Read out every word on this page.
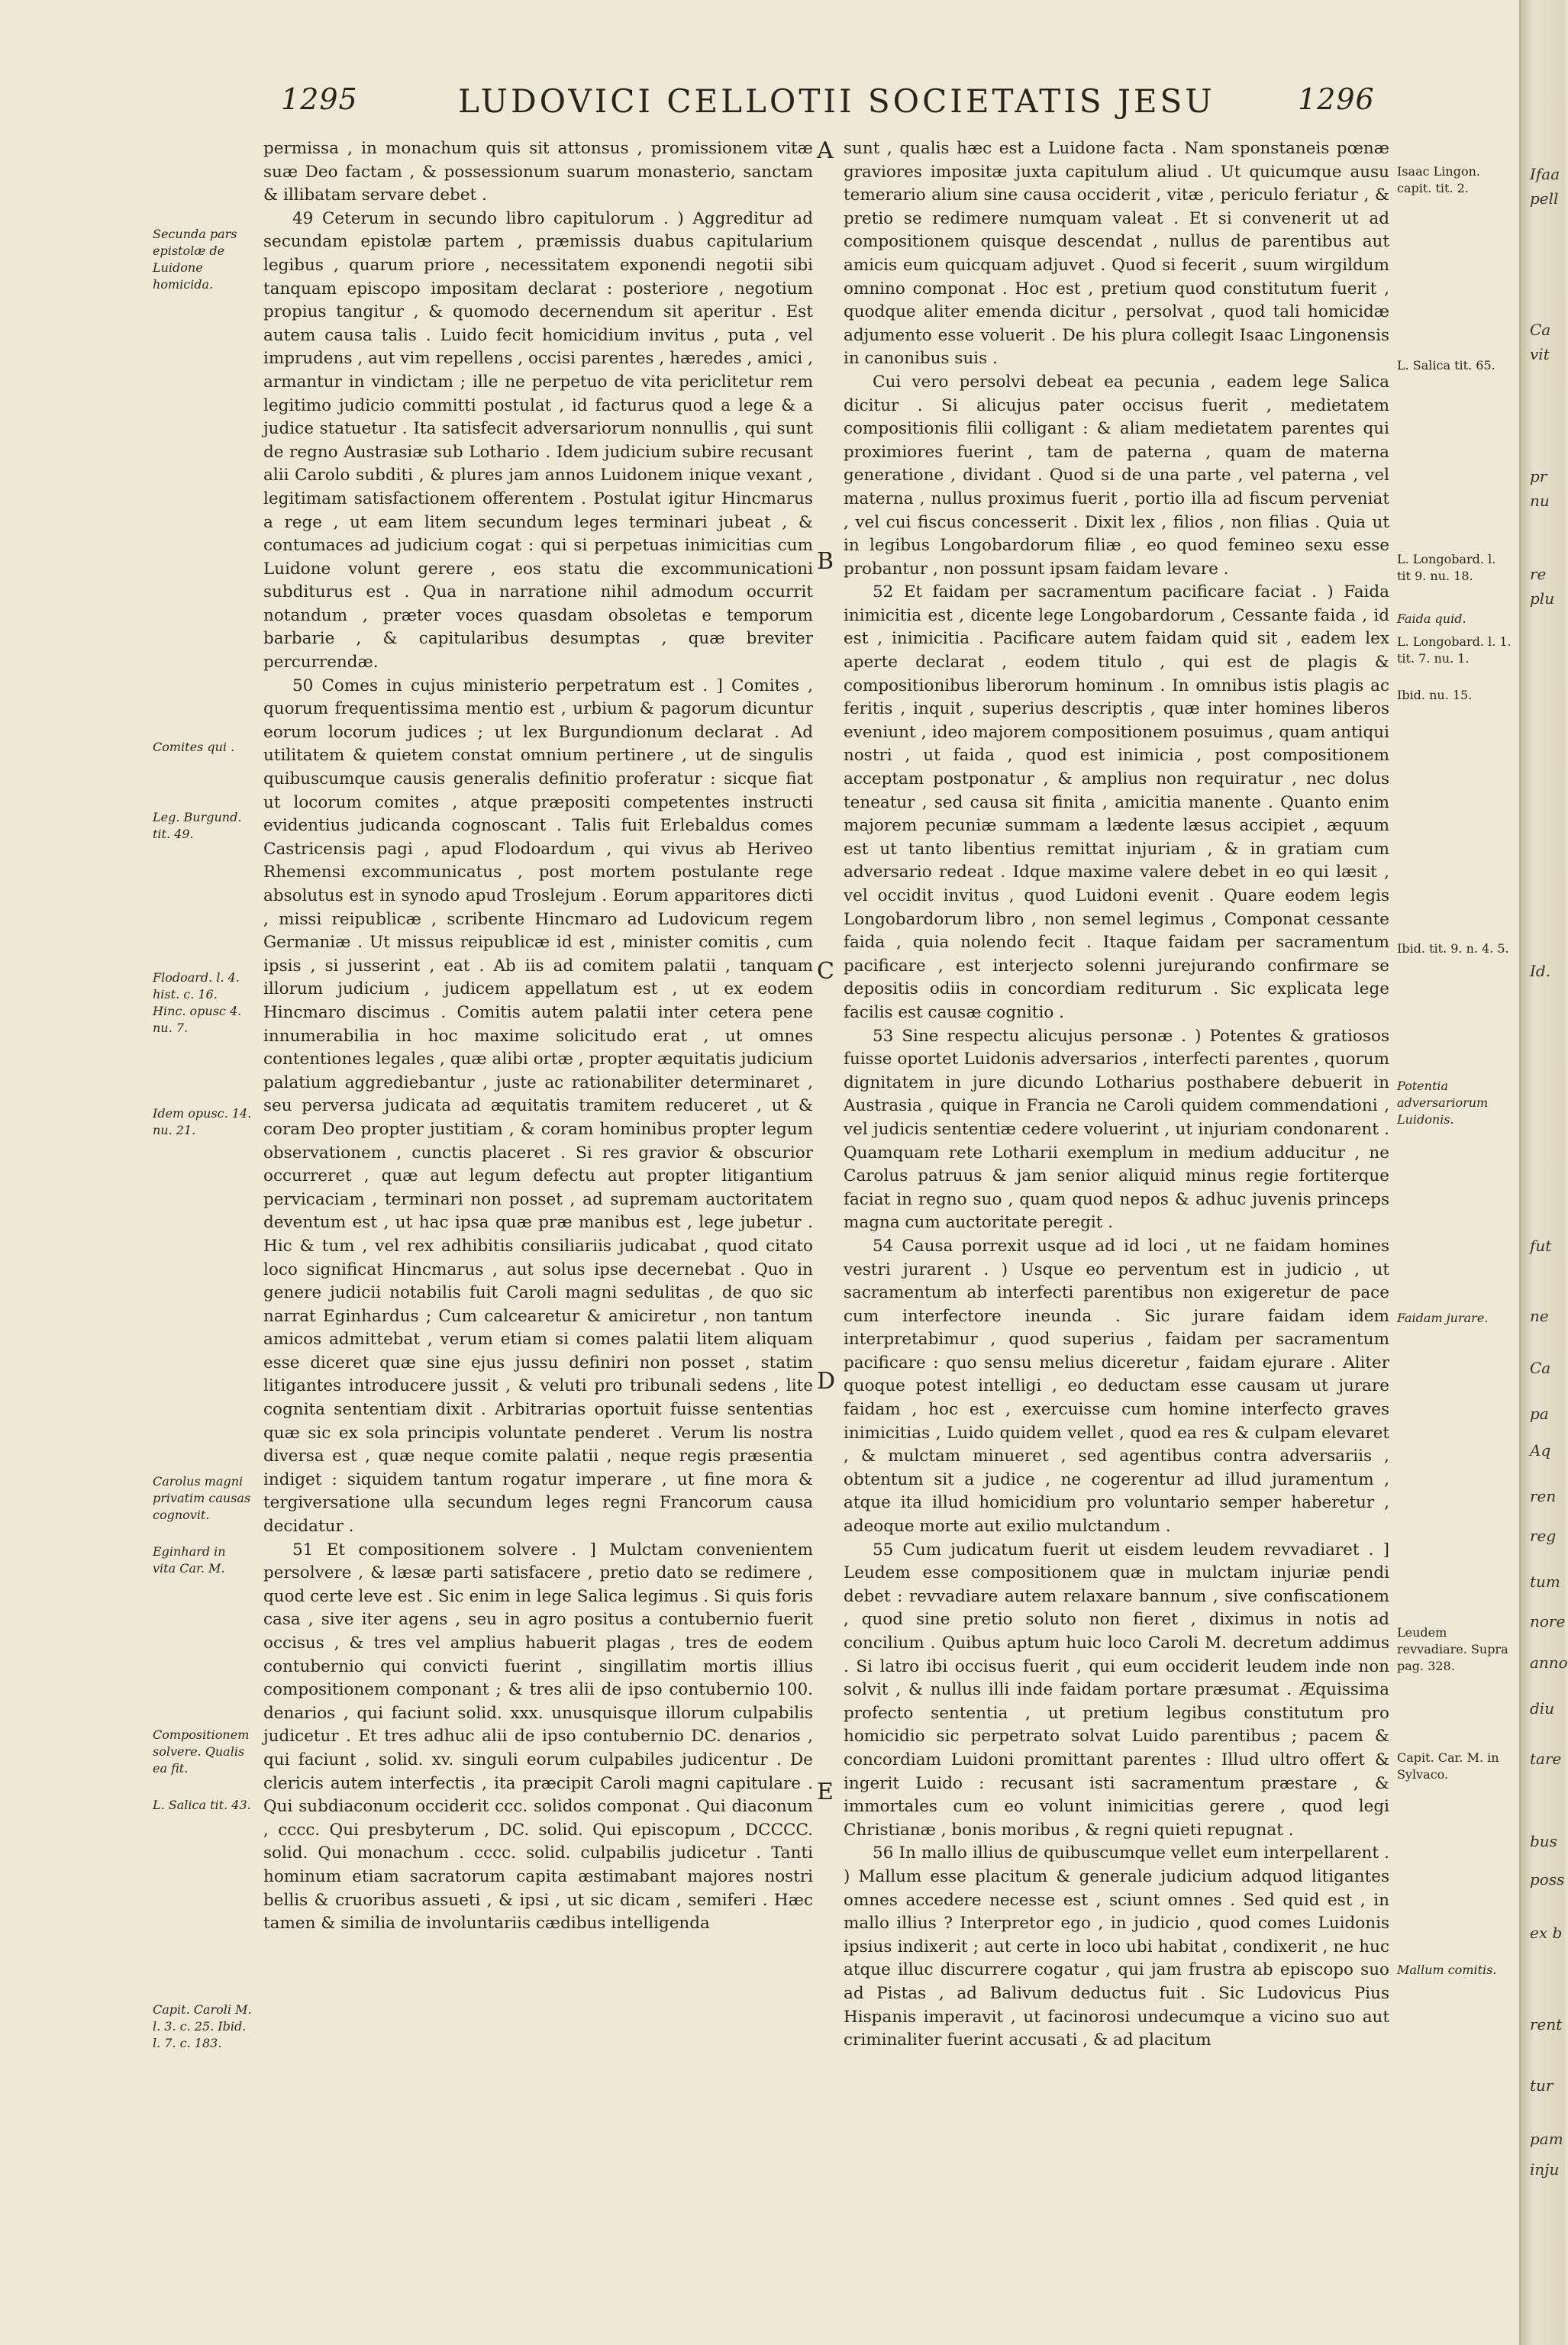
1295	LUDOVICI CELLOTII SOCIETATIS JESU	1296
A
B
C
D
E
Secunda pars epistolæ de Luidone homicida.
Comites qui .
Leg. Burgund. tit. 49.
Flodoard. l. 4. hist. c. 16. Hinc. opusc 4. nu. 7.
Idem opusc. 14. nu. 21.
Carolus magni privatim causas cognovit.
Eginhard in vita Car. M.
Compositionem solvere. Qualis ea fit.
L. Salica tit. 43.
Capit. Caroli M. l. 3. c. 25. Ibid. l. 7. c. 183.
Isaac Lingon. capit. tit. 2.
L. Salica tit. 65.
L. Longobard. l. tit 9. nu. 18.
Faida quid.
L. Longobard. l. 1. tit. 7. nu. 1.
Ibid. nu. 15.
Ibid. tit. 9. n. 4. 5.
Potentia adversariorum Luidonis.
Faidam jurare.
Leudem revvadiare. Supra pag. 328.
Capit. Car. M. in Sylvaco.
Mallum comitis.

permissa , in monachum quis sit attonsus , promissionem vitæ suæ Deo factam , & possessionum suarum monasterio, sanctam & illibatam servare debet .

49 Ceterum in secundo libro capitulorum . ) Aggreditur ad secundam epistolæ partem , præmissis duabus capitularium legibus , quarum priore , necessitatem exponendi negotii sibi tanquam episcopo impositam declarat : posteriore , negotium propius tangitur , & quomodo decernendum sit aperitur . Est autem causa talis . Luido fecit homicidium invitus , puta , vel imprudens , aut vim repellens , occisi parentes , hæredes , amici , armantur in vindictam ; ille ne perpetuo de vita periclitetur rem legitimo judicio committi postulat , id facturus quod a lege & a judice statuetur . Ita satisfecit adversariorum nonnullis , qui sunt de regno Austrasiæ sub Lothario . Idem judicium subire recusant alii Carolo subditi , & plures jam annos Luidonem inique vexant , legitimam satisfactionem offerentem . Postulat igitur Hincmarus a rege , ut eam litem secundum leges terminari jubeat , & contumaces ad judicium cogat : qui si perpetuas inimicitias cum Luidone volunt gerere , eos statu die excommunicationi subditurus est . Qua in narratione nihil admodum occurrit notandum , præter voces quasdam obsoletas e temporum barbarie , & capitularibus desumptas , quæ breviter percurrendæ.

50 Comes in cujus ministerio perpetratum est . ] Comites , quorum frequentissima mentio est , urbium & pagorum dicuntur eorum locorum judices ; ut lex Burgundionum declarat . Ad utilitatem & quietem constat omnium pertinere , ut de singulis quibuscumque causis generalis definitio proferatur : sicque fiat ut locorum comites , atque præpositi competentes instructi evidentius judicanda cognoscant . Talis fuit Erlebaldus comes Castricensis pagi , apud Flodoardum , qui vivus ab Heriveo Rhemensi excommunicatus , post mortem postulante rege absolutus est in synodo apud Troslejum . Eorum apparitores dicti , missi reipublicæ , scribente Hincmaro ad Ludovicum regem Germaniæ . Ut missus reipublicæ id est , minister comitis , cum ipsis , si jusserint , eat . Ab iis ad comitem palatii , tanquam illorum judicium , judicem appellatum est , ut ex eodem Hincmaro discimus . Comitis autem palatii inter cetera pene innumerabilia in hoc maxime solicitudo erat , ut omnes contentiones legales , quæ alibi ortæ , propter æquitatis judicium palatium aggrediebantur , juste ac rationabiliter determinaret , seu perversa judicata ad æquitatis tramitem reduceret , ut & coram Deo propter justitiam , & coram hominibus propter legum observationem , cunctis placeret . Si res gravior & obscurior occurreret , quæ aut legum defectu aut propter litigantium pervicaciam , terminari non posset , ad supremam auctoritatem deventum est , ut hac ipsa quæ præ manibus est , lege jubetur . Hic & tum , vel rex adhibitis consiliariis judicabat , quod citato loco significat Hincmarus , aut solus ipse decernebat . Quo in genere judicii notabilis fuit Caroli magni sedulitas , de quo sic narrat Eginhardus ; Cum calcearetur & amiciretur , non tantum amicos admittebat , verum etiam si comes palatii litem aliquam esse diceret quæ sine ejus jussu definiri non posset , statim litigantes introducere jussit , & veluti pro tribunali sedens , lite cognita sententiam dixit . Arbitrarias oportuit fuisse sententias quæ sic ex sola principis voluntate penderet . Verum lis nostra diversa est , quæ neque comite palatii , neque regis præsentia indiget : siquidem tantum rogatur imperare , ut fine mora & tergiversatione ulla secundum leges regni Francorum causa decidatur .

51 Et compositionem solvere . ] Mulctam convenientem persolvere , & læsæ parti satisfacere , pretio dato se redimere , quod certe leve est . Sic enim in lege Salica legimus . Si quis foris casa , sive iter agens , seu in agro positus a contubernio fuerit occisus , & tres vel amplius habuerit plagas , tres de eodem contubernio qui convicti fuerint , singillatim mortis illius compositionem componant ; & tres alii de ipso contubernio 100. denarios , qui faciunt solid. xxx. unusquisque illorum culpabilis judicetur . Et tres adhuc alii de ipso contubernio DC. denarios , qui faciunt , solid. xv. singuli eorum culpabiles judicentur . De clericis autem interfectis , ita præcipit Caroli magni capitulare . Qui subdiaconum occiderit ccc. solidos componat . Qui diaconum , cccc. Qui presbyterum , DC. solid. Qui episcopum , DCCCC. solid. Qui monachum . cccc. solid. culpabilis judicetur . Tanti hominum etiam sacratorum capita æstimabant majores nostri bellis & cruoribus assueti , & ipsi , ut sic dicam , semiferi . Hæc tamen & similia de involuntariis cædibus intelligenda

sunt , qualis hæc est a Luidone facta . Nam sponstaneis pœnæ graviores impositæ juxta capitulum aliud . Ut quicumque ausu temerario alium sine causa occiderit , vitæ , periculo feriatur , & pretio se redimere numquam valeat . Et si convenerit ut ad compositionem quisque descendat , nullus de parentibus aut amicis eum quicquam adjuvet . Quod si fecerit , suum wirgildum omnino componat . Hoc est , pretium quod constitutum fuerit , quodque aliter emenda dicitur , persolvat , quod tali homicidæ adjumento esse voluerit . De his plura collegit Isaac Lingonensis in canonibus suis .

Cui vero persolvi debeat ea pecunia , eadem lege Salica dicitur . Si alicujus pater occisus fuerit , medietatem compositionis filii colligant : & aliam medietatem parentes qui proximiores fuerint , tam de paterna , quam de materna generatione , dividant . Quod si de una parte , vel paterna , vel materna , nullus proximus fuerit , portio illa ad fiscum perveniat , vel cui fiscus concesserit . Dixit lex , filios , non filias . Quia ut in legibus Longobardorum filiæ , eo quod femineo sexu esse probantur , non possunt ipsam faidam levare .

52 Et faidam per sacramentum pacificare faciat . ) Faida inimicitia est , dicente lege Longobardorum , Cessante faida , id est , inimicitia . Pacificare autem faidam quid sit , eadem lex aperte declarat , eodem titulo , qui est de plagis & compositionibus liberorum hominum . In omnibus istis plagis ac feritis , inquit , superius descriptis , quæ inter homines liberos eveniunt , ideo majorem compositionem posuimus , quam antiqui nostri , ut faida , quod est inimicia , post compositionem acceptam postponatur , & amplius non requiratur , nec dolus teneatur , sed causa sit finita , amicitia manente . Quanto enim majorem pecuniæ summam a lædente læsus accipiet , æquum est ut tanto libentius remittat injuriam , & in gratiam cum adversario redeat . Idque maxime valere debet in eo qui læsit , vel occidit invitus , quod Luidoni evenit . Quare eodem legis Longobardorum libro , non semel legimus , Componat cessante faida , quia nolendo fecit . Itaque faidam per sacramentum pacificare , est interjecto solenni jurejurando confirmare se depositis odiis in concordiam rediturum . Sic explicata lege facilis est causæ cognitio .

53 Sine respectu alicujus personæ . ) Potentes & gratiosos fuisse oportet Luidonis adversarios , interfecti parentes , quorum dignitatem in jure dicundo Lotharius posthabere debuerit in Austrasia , quique in Francia ne Caroli quidem commendationi , vel judicis sententiæ cedere voluerint , ut injuriam condonarent . Quamquam rete Lotharii exemplum in medium adducitur , ne Carolus patruus & jam senior aliquid minus regie fortiterque faciat in regno suo , quam quod nepos & adhuc juvenis princeps magna cum auctoritate peregit .

54 Causa porrexit usque ad id loci , ut ne faidam homines vestri jurarent . ) Usque eo perventum est in judicio , ut sacramentum ab interfecti parentibus non exigeretur de pace cum interfectore ineunda . Sic jurare faidam idem interpretabimur , quod superius , faidam per sacramentum pacificare : quo sensu melius diceretur , faidam ejurare . Aliter quoque potest intelligi , eo deductam esse causam ut jurare faidam , hoc est , exercuisse cum homine interfecto graves inimicitias , Luido quidem vellet , quod ea res & culpam elevaret , & mulctam minueret , sed agentibus contra adversariis , obtentum sit a judice , ne cogerentur ad illud juramentum , atque ita illud homicidium pro voluntario semper haberetur , adeoque morte aut exilio mulctandum .

55 Cum judicatum fuerit ut eisdem leudem revvadiaret . ] Leudem esse compositionem quæ in mulctam injuriæ pendi debet : revvadiare autem relaxare bannum , sive confiscationem , quod sine pretio soluto non fieret , diximus in notis ad concilium . Quibus aptum huic loco Caroli M. decretum addimus . Si latro ibi occisus fuerit , qui eum occiderit leudem inde non solvit , & nullus illi inde faidam portare præsumat . Æquissima profecto sententia , ut pretium legibus constitutum pro homicidio sic perpetrato solvat Luido parentibus ; pacem & concordiam Luidoni promittant parentes : Illud ultro offert & ingerit Luido : recusant isti sacramentum præstare , & immortales cum eo volunt inimicitias gerere , quod legi Christianæ , bonis moribus , & regni quieti repugnat .

56 In mallo illius de quibuscumque vellet eum interpellarent . ) Mallum esse placitum & generale judicium adquod litigantes omnes accedere necesse est , sciunt omnes . Sed quid est , in mallo illius ? Interpretor ego , in judicio , quod comes Luidonis ipsius indixerit ; aut certe in loco ubi habitat , condixerit , ne huc atque illuc discurrere cogatur , qui jam frustra ab episcopo suo ad Pistas , ad Balivum deductus fuit . Sic Ludovicus Pius Hispanis imperavit , ut facinorosi undecumque a vicino suo aut criminaliter fuerint accusati , & ad placitum

Ifaa
pell
Ca
vit
pr
nu
re
plu
Id.
fut
ne
Ca
pa
Aq
ren
reg
tum
nore
anno
diu
tare
bus
poss
ex b
rent
tur
pam
inju
